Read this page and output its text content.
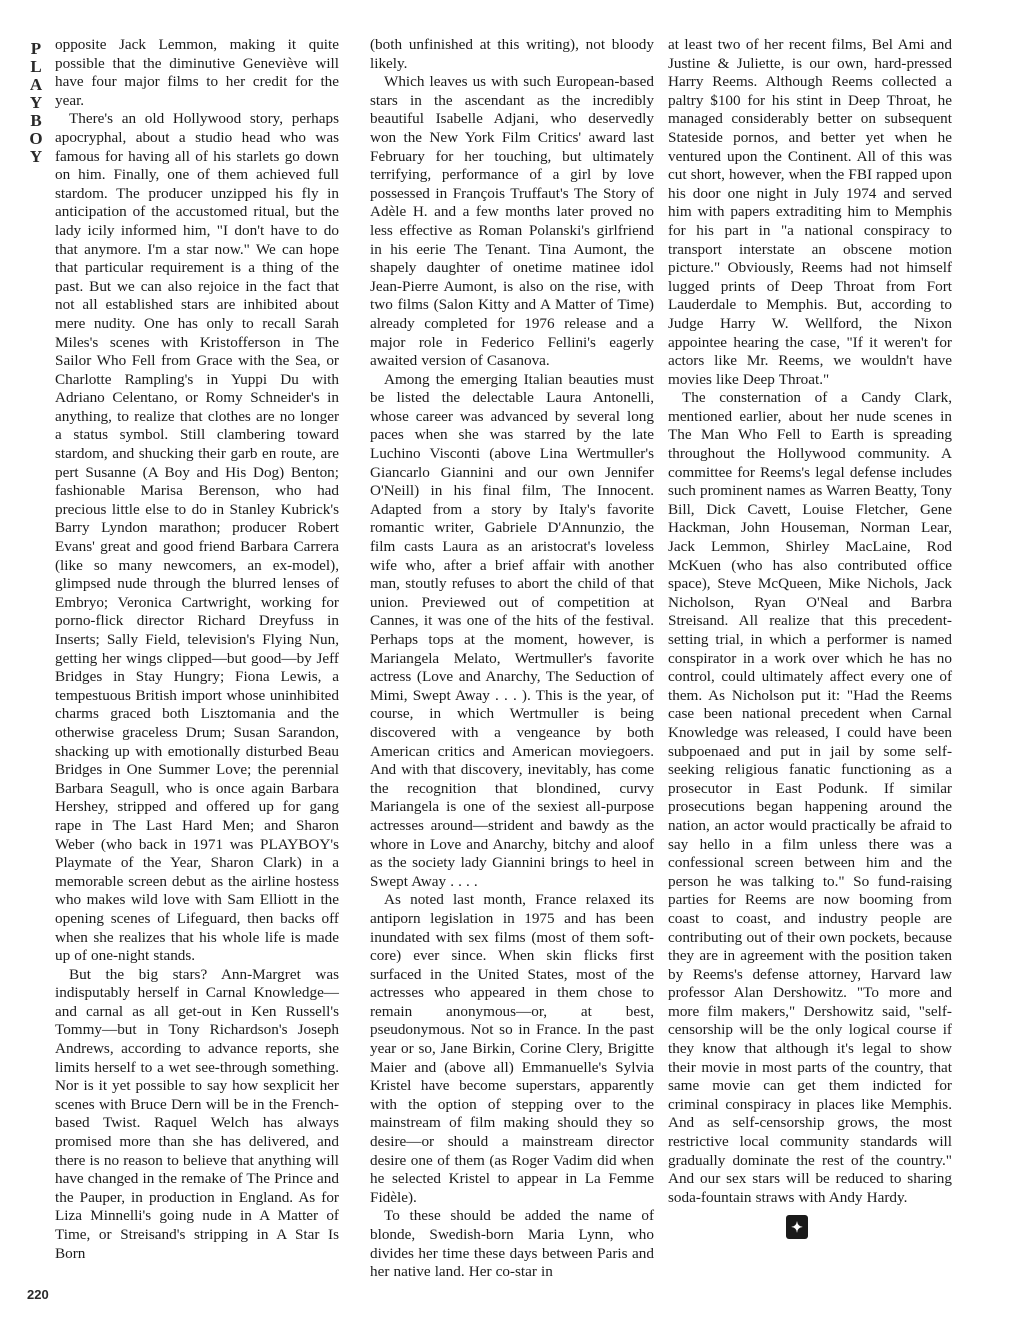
P
L
A
Y
B
O
Y
220

opposite Jack Lemmon, making it quite possible that the diminutive Geneviève will have four major films to her credit for the year.

There's an old Hollywood story, perhaps apocryphal, about a studio head who was famous for having all of his starlets go down on him. Finally, one of them achieved full stardom. The producer unzipped his fly in anticipation of the accustomed ritual, but the lady icily informed him, "I don't have to do that anymore. I'm a star now." We can hope that particular requirement is a thing of the past. But we can also rejoice in the fact that not all established stars are inhibited about mere nudity. One has only to recall Sarah Miles's scenes with Kristofferson in The Sailor Who Fell from Grace with the Sea, or Charlotte Rampling's in Yuppi Du with Adriano Celentano, or Romy Schneider's in anything, to realize that clothes are no longer a status symbol. Still clambering toward stardom, and shucking their garb en route, are pert Susanne (A Boy and His Dog) Benton; fashionable Marisa Berenson, who had precious little else to do in Stanley Kubrick's Barry Lyndon marathon; producer Robert Evans' great and good friend Barbara Carrera (like so many newcomers, an ex-model), glimpsed nude through the blurred lenses of Embryo; Veronica Cartwright, working for porno-flick director Richard Dreyfuss in Inserts; Sally Field, television's Flying Nun, getting her wings clipped—but good—by Jeff Bridges in Stay Hungry; Fiona Lewis, a tempestuous British import whose uninhibited charms graced both Lisztomania and the otherwise graceless Drum; Susan Sarandon, shacking up with emotionally disturbed Beau Bridges in One Summer Love; the perennial Barbara Seagull, who is once again Barbara Hershey, stripped and offered up for gang rape in The Last Hard Men; and Sharon Weber (who back in 1971 was PLAYBOY's Playmate of the Year, Sharon Clark) in a memorable screen debut as the airline hostess who makes wild love with Sam Elliott in the opening scenes of Lifeguard, then backs off when she realizes that his whole life is made up of one-night stands.

But the big stars? Ann-Margret was indisputably herself in Carnal Knowledge—and carnal as all get-out in Ken Russell's Tommy—but in Tony Richardson's Joseph Andrews, according to advance reports, she limits herself to a wet see-through something. Nor is it yet possible to say how sexplicit her scenes with Bruce Dern will be in the French-based Twist. Raquel Welch has always promised more than she has delivered, and there is no reason to believe that anything will have changed in the remake of The Prince and the Pauper, in production in England. As for Liza Minnelli's going nude in A Matter of Time, or Streisand's stripping in A Star Is Born

(both unfinished at this writing), not bloody likely.

Which leaves us with such European-based stars in the ascendant as the incredibly beautiful Isabelle Adjani, who deservedly won the New York Film Critics' award last February for her touching, but ultimately terrifying, performance of a girl by love possessed in François Truffaut's The Story of Adèle H. and a few months later proved no less effective as Roman Polanski's girlfriend in his eerie The Tenant. Tina Aumont, the shapely daughter of onetime matinee idol Jean-Pierre Aumont, is also on the rise, with two films (Salon Kitty and A Matter of Time) already completed for 1976 release and a major role in Federico Fellini's eagerly awaited version of Casanova.

Among the emerging Italian beauties must be listed the delectable Laura Antonelli, whose career was advanced by several long paces when she was starred by the late Luchino Visconti (above Lina Wertmuller's Giancarlo Giannini and our own Jennifer O'Neill) in his final film, The Innocent. Adapted from a story by Italy's favorite romantic writer, Gabriele D'Annunzio, the film casts Laura as an aristocrat's loveless wife who, after a brief affair with another man, stoutly refuses to abort the child of that union. Previewed out of competition at Cannes, it was one of the hits of the festival. Perhaps tops at the moment, however, is Mariangela Melato, Wertmuller's favorite actress (Love and Anarchy, The Seduction of Mimi, Swept Away . . . ). This is the year, of course, in which Wertmuller is being discovered with a vengeance by both American critics and American moviegoers. And with that discovery, inevitably, has come the recognition that blondined, curvy Mariangela is one of the sexiest all-purpose actresses around—strident and bawdy as the whore in Love and Anarchy, bitchy and aloof as the society lady Giannini brings to heel in Swept Away . . . .

As noted last month, France relaxed its antiporn legislation in 1975 and has been inundated with sex films (most of them soft-core) ever since. When skin flicks first surfaced in the United States, most of the actresses who appeared in them chose to remain anonymous—or, at best, pseudonymous. Not so in France. In the past year or so, Jane Birkin, Corine Clery, Brigitte Maier and (above all) Emmanuelle's Sylvia Kristel have become superstars, apparently with the option of stepping over to the mainstream of film making should they so desire—or should a mainstream director desire one of them (as Roger Vadim did when he selected Kristel to appear in La Femme Fidèle).

To these should be added the name of blonde, Swedish-born Maria Lynn, who divides her time these days between Paris and her native land. Her co-star in

at least two of her recent films, Bel Ami and Justine & Juliette, is our own, hard-pressed Harry Reems. Although Reems collected a paltry $100 for his stint in Deep Throat, he managed considerably better on subsequent Stateside pornos, and better yet when he ventured upon the Continent. All of this was cut short, however, when the FBI rapped upon his door one night in July 1974 and served him with papers extraditing him to Memphis for his part in "a national conspiracy to transport interstate an obscene motion picture." Obviously, Reems had not himself lugged prints of Deep Throat from Fort Lauderdale to Memphis. But, according to Judge Harry W. Wellford, the Nixon appointee hearing the case, "If it weren't for actors like Mr. Reems, we wouldn't have movies like Deep Throat."

The consternation of a Candy Clark, mentioned earlier, about her nude scenes in The Man Who Fell to Earth is spreading throughout the Hollywood community. A committee for Reems's legal defense includes such prominent names as Warren Beatty, Tony Bill, Dick Cavett, Louise Fletcher, Gene Hackman, John Houseman, Norman Lear, Jack Lemmon, Shirley MacLaine, Rod McKuen (who has also contributed office space), Steve McQueen, Mike Nichols, Jack Nicholson, Ryan O'Neal and Barbra Streisand. All realize that this precedent-setting trial, in which a performer is named conspirator in a work over which he has no control, could ultimately affect every one of them. As Nicholson put it: "Had the Reems case been national precedent when Carnal Knowledge was released, I could have been subpoenaed and put in jail by some self-seeking religious fanatic functioning as a prosecutor in East Podunk. If similar prosecutions began happening around the nation, an actor would practically be afraid to say hello in a film unless there was a confessional screen between him and the person he was talking to." So fund-raising parties for Reems are now booming from coast to coast, and industry people are contributing out of their own pockets, because they are in agreement with the position taken by Reems's defense attorney, Harvard law professor Alan Dershowitz. "To more and more film makers," Dershowitz said, "self-censorship will be the only logical course if they know that although it's legal to show their movie in most parts of the country, that same movie can get them indicted for criminal conspiracy in places like Memphis. And as self-censorship grows, the most restrictive local community standards will gradually dominate the rest of the country." And our sex stars will be reduced to sharing soda-fountain straws with Andy Hardy.

✦
